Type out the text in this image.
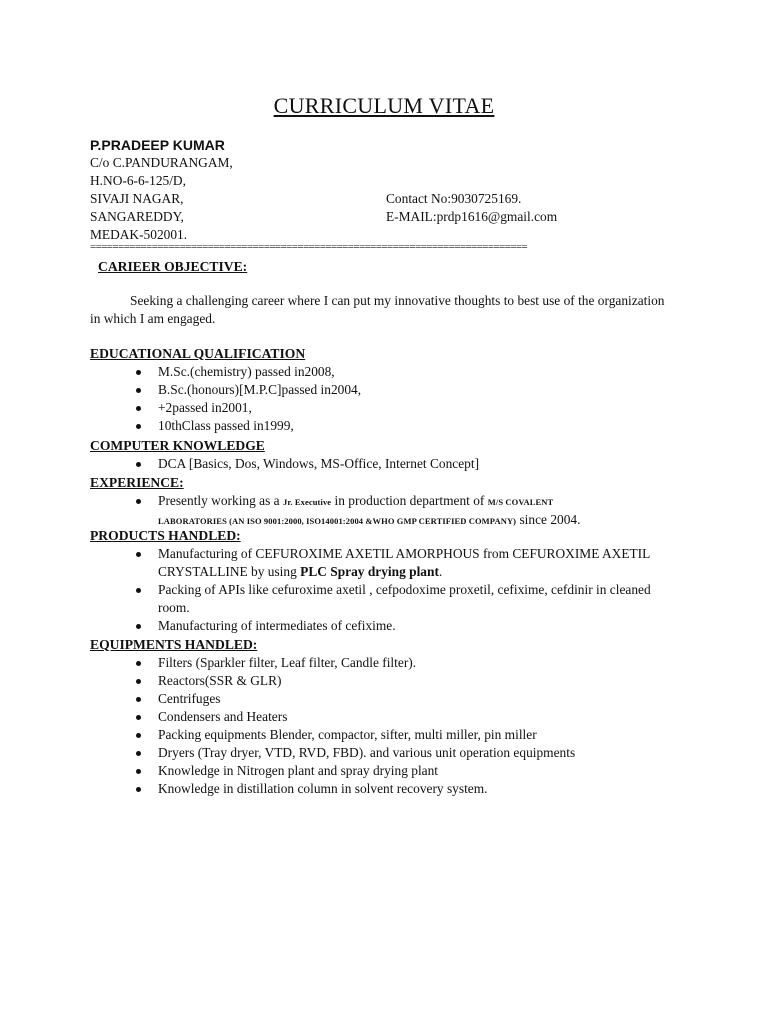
CURRICULUM VITAE
P.PRADEEP KUMAR
C/o C.PANDURANGAM,
H.NO-6-6-125/D,
SIVAJI NAGAR,
SANGAREDDY,
MEDAK-502001.
Contact No:9030725169.
E-MAIL:prdp1616@gmail.com
==============================================================================
CARIEER OBJECTIVE:
Seeking a challenging career where I can put my innovative thoughts to best use of the organization in which I am engaged.
EDUCATIONAL QUALIFICATION
M.Sc.(chemistry) passed in2008,
B.Sc.(honours)[M.P.C]passed in2004,
+2passed in2001,
10thClass passed in1999,
COMPUTER KNOWLEDGE
DCA [Basics, Dos, Windows, MS-Office, Internet Concept]
EXPERIENCE:
Presently working as a Jr. Executive in production department of M/S COVALENT
LABORATORIES (AN ISO 9001:2000, ISO14001:2004 &WHO GMP CERTIFIED COMPANY) since 2004.
PRODUCTS HANDLED:
Manufacturing of CEFUROXIME AXETIL AMORPHOUS from CEFUROXIME AXETIL CRYSTALLINE by using PLC Spray drying plant.
Packing of APIs like cefuroxime axetil , cefpodoxime proxetil, cefixime, cefdinir in cleaned room.
Manufacturing of intermediates of cefixime.
EQUIPMENTS HANDLED:
Filters (Sparkler filter, Leaf filter, Candle filter).
Reactors(SSR & GLR)
Centrifuges
Condensers and Heaters
Packing equipments Blender, compactor, sifter, multi miller, pin miller
Dryers (Tray dryer, VTD, RVD, FBD). and various unit operation equipments
Knowledge in Nitrogen plant and spray drying plant
Knowledge in distillation column in solvent recovery system.
